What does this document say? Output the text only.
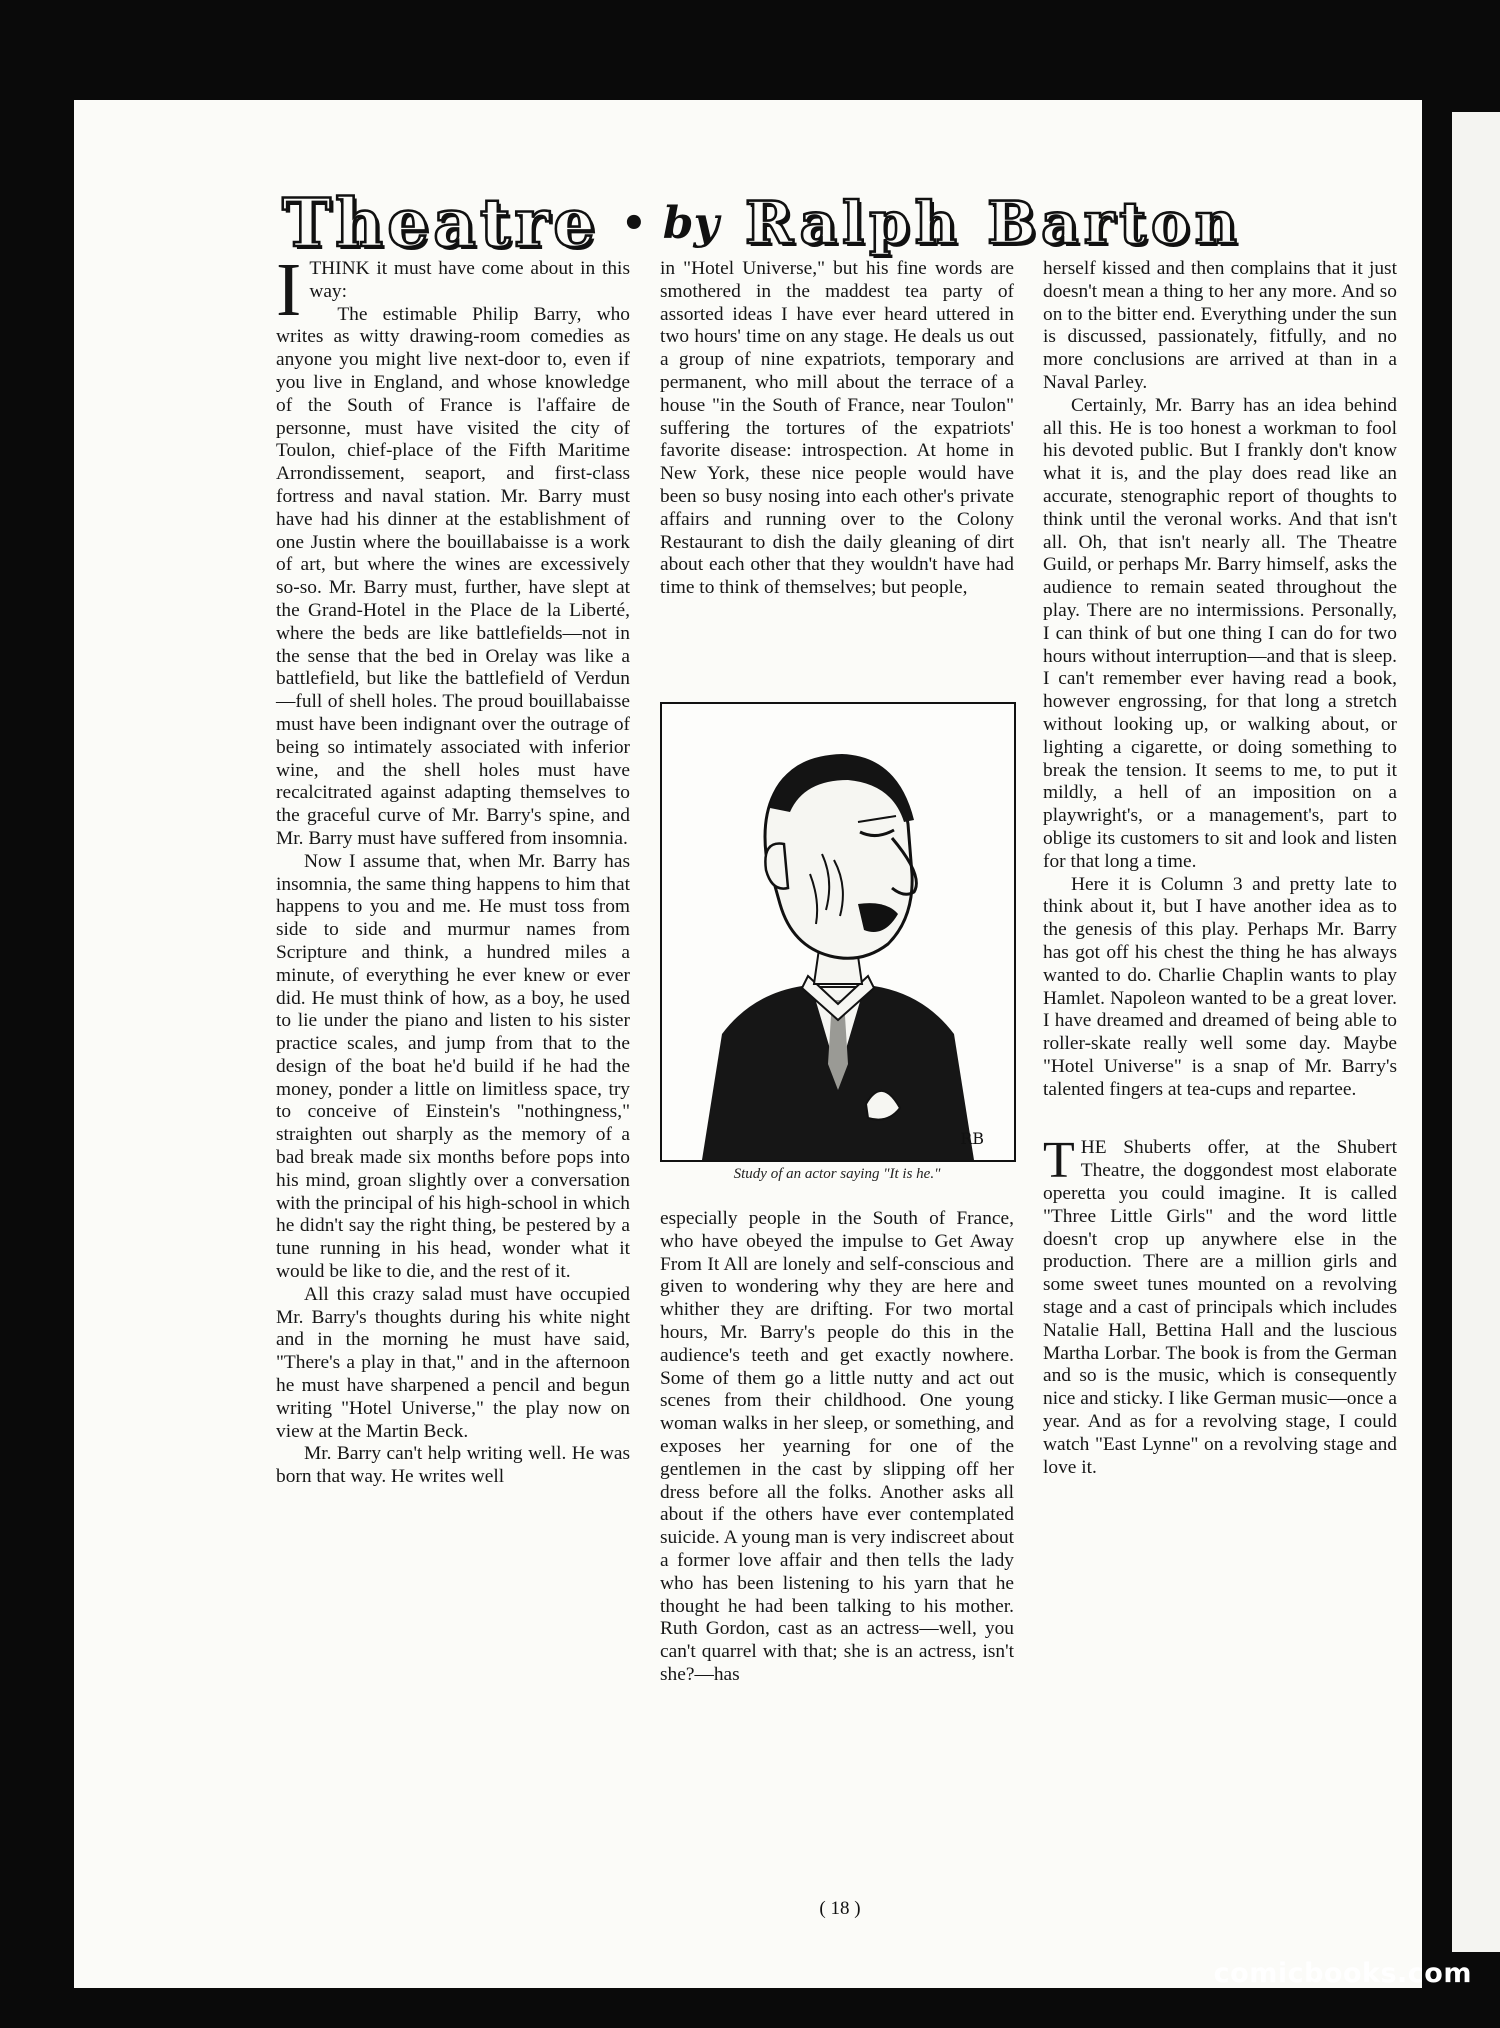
Theatre • by Ralph Barton

ITHINK it must have come about in this way:

The estimable Philip Barry, who writes as witty drawing-room comedies as anyone you might live next-door to, even if you live in England, and whose knowledge of the South of France is l'affaire de personne, must have visited the city of Toulon, chief-place of the Fifth Maritime Arrondissement, seaport, and first-class fortress and naval station. Mr. Barry must have had his dinner at the establishment of one Justin where the bouillabaisse is a work of art, but where the wines are excessively so-so. Mr. Barry must, further, have slept at the Grand-Hotel in the Place de la Liberté, where the beds are like battlefields—not in the sense that the bed in Orelay was like a battlefield, but like the battlefield of Verdun—full of shell holes. The proud bouillabaisse must have been indignant over the outrage of being so intimately associated with inferior wine, and the shell holes must have recalcitrated against adapting themselves to the graceful curve of Mr. Barry's spine, and Mr. Barry must have suffered from insomnia.

Now I assume that, when Mr. Barry has insomnia, the same thing happens to him that happens to you and me. He must toss from side to side and murmur names from Scripture and think, a hundred miles a minute, of everything he ever knew or ever did. He must think of how, as a boy, he used to lie under the piano and listen to his sister practice scales, and jump from that to the design of the boat he'd build if he had the money, ponder a little on limitless space, try to conceive of Einstein's "nothingness," straighten out sharply as the memory of a bad break made six months before pops into his mind, groan slightly over a conversation with the principal of his high-school in which he didn't say the right thing, be pestered by a tune running in his head, wonder what it would be like to die, and the rest of it.

All this crazy salad must have occupied Mr. Barry's thoughts during his white night and in the morning he must have said, "There's a play in that," and in the afternoon he must have sharpened a pencil and begun writing "Hotel Universe," the play now on view at the Martin Beck.

Mr. Barry can't help writing well. He was born that way. He writes well

in "Hotel Universe," but his fine words are smothered in the maddest tea party of assorted ideas I have ever heard uttered in two hours' time on any stage. He deals us out a group of nine expatriots, temporary and permanent, who mill about the terrace of a house "in the South of France, near Toulon" suffering the tortures of the expatriots' favorite disease: introspection. At home in New York, these nice people would have been so busy nosing into each other's private affairs and running over to the Colony Restaurant to dish the daily gleaning of dirt about each other that they wouldn't have had time to think of themselves; but people,

RB
Study of an actor saying "It is he."

especially people in the South of France, who have obeyed the impulse to Get Away From It All are lonely and self-conscious and given to wondering why they are here and whither they are drifting. For two mortal hours, Mr. Barry's people do this in the audience's teeth and get exactly nowhere. Some of them go a little nutty and act out scenes from their childhood. One young woman walks in her sleep, or something, and exposes her yearning for one of the gentlemen in the cast by slipping off her dress before all the folks. Another asks all about if the others have ever contemplated suicide. A young man is very indiscreet about a former love affair and then tells the lady who has been listening to his yarn that he thought he had been talking to his mother. Ruth Gordon, cast as an actress—well, you can't quarrel with that; she is an actress, isn't she?—has

herself kissed and then complains that it just doesn't mean a thing to her any more. And so on to the bitter end. Everything under the sun is discussed, passionately, fitfully, and no more conclusions are arrived at than in a Naval Parley.

Certainly, Mr. Barry has an idea behind all this. He is too honest a workman to fool his devoted public. But I frankly don't know what it is, and the play does read like an accurate, stenographic report of thoughts to think until the veronal works. And that isn't all. Oh, that isn't nearly all. The Theatre Guild, or perhaps Mr. Barry himself, asks the audience to remain seated throughout the play. There are no intermissions. Personally, I can think of but one thing I can do for two hours without interruption—and that is sleep. I can't remember ever having read a book, however engrossing, for that long a stretch without looking up, or walking about, or lighting a cigarette, or doing something to break the tension. It seems to me, to put it mildly, a hell of an imposition on a playwright's, or a management's, part to oblige its customers to sit and look and listen for that long a time.

Here it is Column 3 and pretty late to think about it, but I have another idea as to the genesis of this play. Perhaps Mr. Barry has got off his chest the thing he has always wanted to do. Charlie Chaplin wants to play Hamlet. Napoleon wanted to be a great lover. I have dreamed and dreamed of being able to roller-skate really well some day. Maybe "Hotel Universe" is a snap of Mr. Barry's talented fingers at tea-cups and repartee.

THE Shuberts offer, at the Shubert Theatre, the doggondest most elaborate operetta you could imagine. It is called "Three Little Girls" and the word little doesn't crop up anywhere else in the production. There are a million girls and some sweet tunes mounted on a revolving stage and a cast of principals which includes Natalie Hall, Bettina Hall and the luscious Martha Lorbar. The book is from the German and so is the music, which is consequently nice and sticky. I like German music—once a year. And as for a revolving stage, I could watch "East Lynne" on a revolving stage and love it.

( 18 )
comicbooks.com
